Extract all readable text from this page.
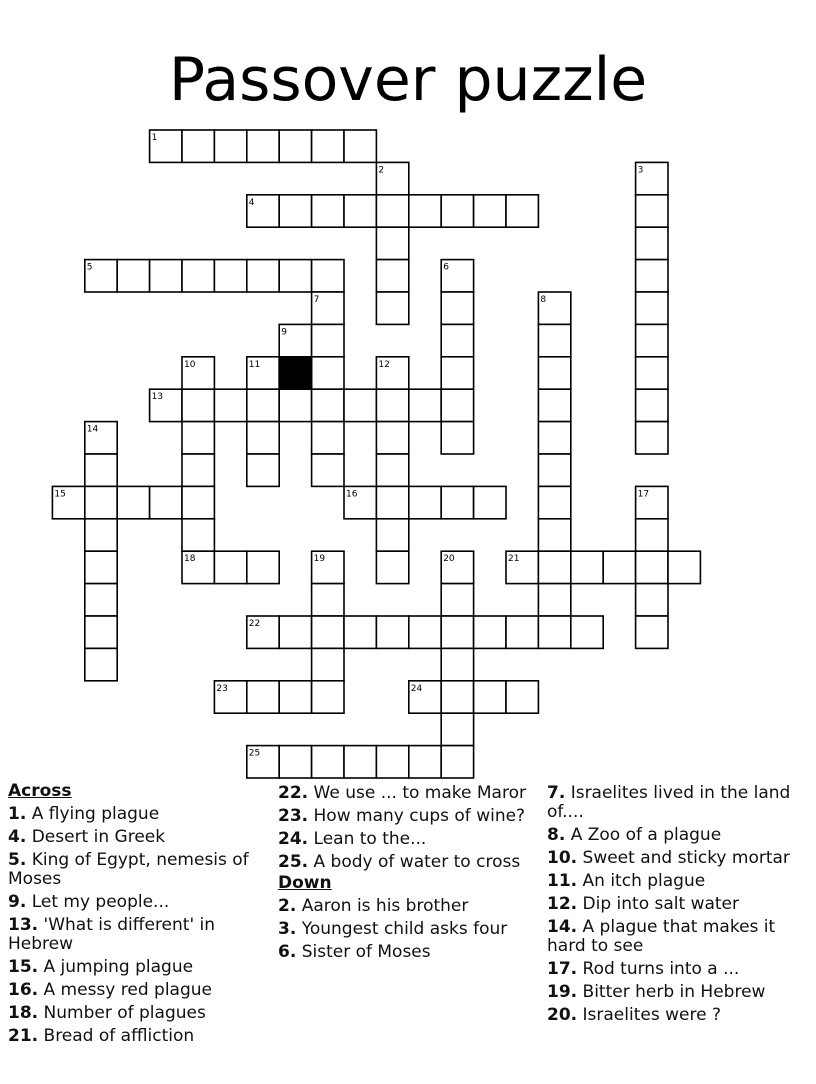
Passover puzzle
1
2	3
4
5	6
7	8
9
10	11	12
13
14
15	16	17
18	19	20	21
22
23	24
25
Across
1. A flying plague
4. Desert in Greek
5. King of Egypt, nemesis of Moses
9. Let my people...
13. 'What is different' in Hebrew
15. A jumping plague
16. A messy red plague
18. Number of plagues
21. Bread of affliction
22. We use ... to make Maror
23. How many cups of wine?
24. Lean to the...
25. A body of water to cross
Down
2. Aaron is his brother
3. Youngest child asks four
6. Sister of Moses
7. Israelites lived in the land of....
8. A Zoo of a plague
10. Sweet and sticky mortar
11. An itch plague
12. Dip into salt water
14. A plague that makes it hard to see
17. Rod turns into a ...
19. Bitter herb in Hebrew
20. Israelites were ?
